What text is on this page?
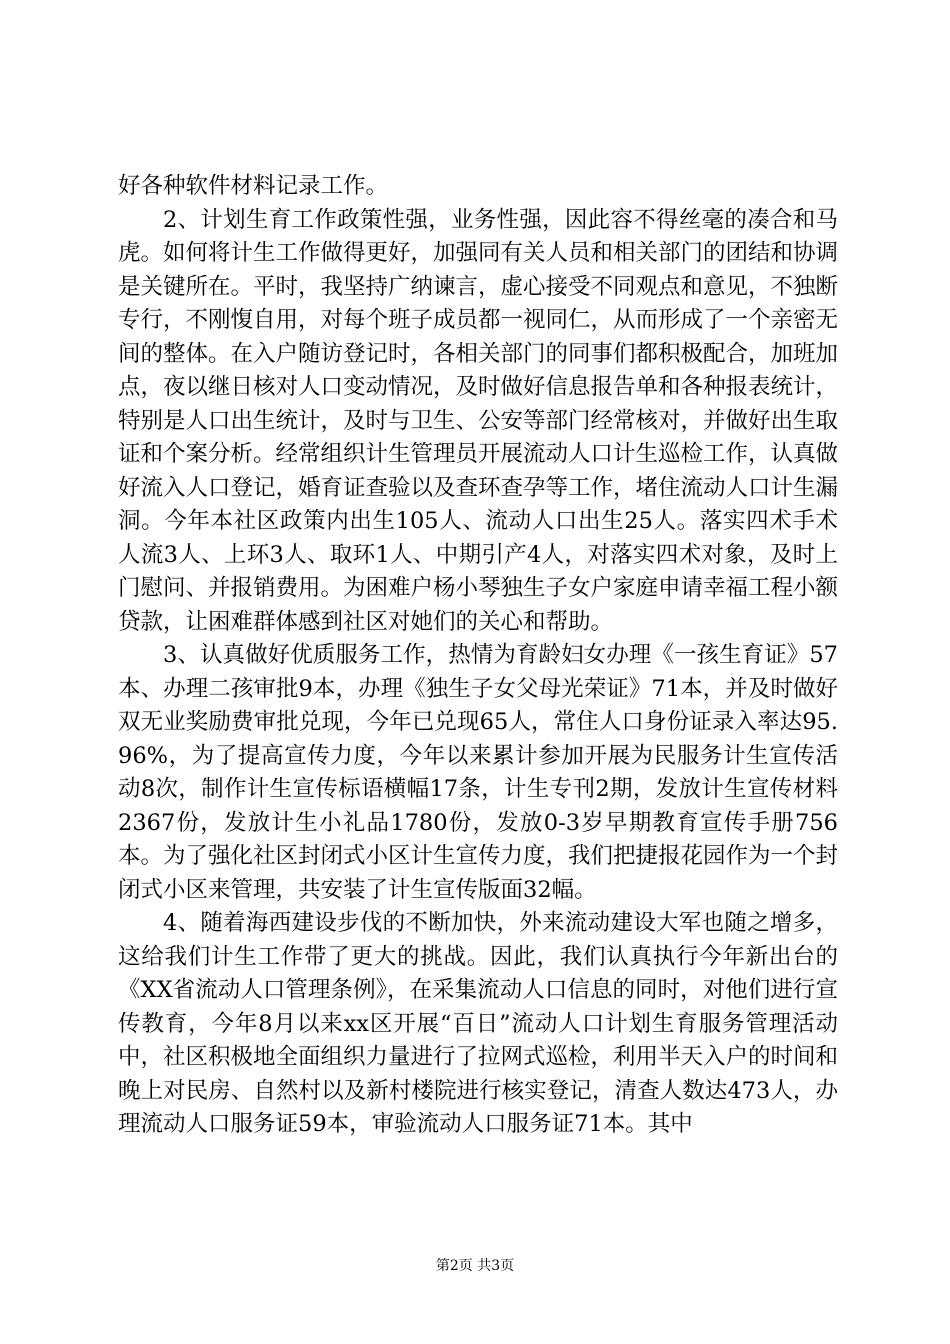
好各种软件材料记录工作。

2、计划生育工作政策性强，业务性强，因此容不得丝毫的凑合和马虎。如何将计生工作做得更好，加强同有关人员和相关部门的团结和协调是关键所在。平时，我坚持广纳谏言，虚心接受不同观点和意见，不独断专行，不刚愎自用，对每个班子成员都一视同仁，从而形成了一个亲密无间的整体。在入户随访登记时，各相关部门的同事们都积极配合，加班加点，夜以继日核对人口变动情况，及时做好信息报告单和各种报表统计，特别是人口出生统计，及时与卫生、公安等部门经常核对，并做好出生取证和个案分析。经常组织计生管理员开展流动人口计生巡检工作，认真做好流入人口登记，婚育证查验以及查环查孕等工作，堵住流动人口计生漏洞。今年本社区政策内出生105人、流动人口出生25人。落实四术手术人流3人、上环3人、取环1人、中期引产4人，对落实四术对象，及时上门慰问、并报销费用。为困难户杨小琴独生子女户家庭申请幸福工程小额贷款，让困难群体感到社区对她们的关心和帮助。

3、认真做好优质服务工作，热情为育龄妇女办理《一孩生育证》57本、办理二孩审批9本，办理《独生子女父母光荣证》71本，并及时做好双无业奖励费审批兑现，今年已兑现65人，常住人口身份证录入率达95.96%，为了提高宣传力度，今年以来累计参加开展为民服务计生宣传活动8次，制作计生宣传标语横幅17条，计生专刊2期，发放计生宣传材料2367份，发放计生小礼品1780份，发放0-3岁早期教育宣传手册756本。为了强化社区封闭式小区计生宣传力度，我们把捷报花园作为一个封闭式小区来管理，共安装了计生宣传版面32幅。

4、随着海西建设步伐的不断加快，外来流动建设大军也随之增多，这给我们计生工作带了更大的挑战。因此，我们认真执行今年新出台的《XX省流动人口管理条例》，在采集流动人口信息的同时，对他们进行宣传教育，今年8月以来xx区开展“百日”流动人口计划生育服务管理活动中，社区积极地全面组织力量进行了拉网式巡检，利用半天入户的时间和晚上对民房、自然村以及新村楼院进行核实登记，清查人数达473人，办理流动人口服务证59本，审验流动人口服务证71本。其中

第2页 共3页
